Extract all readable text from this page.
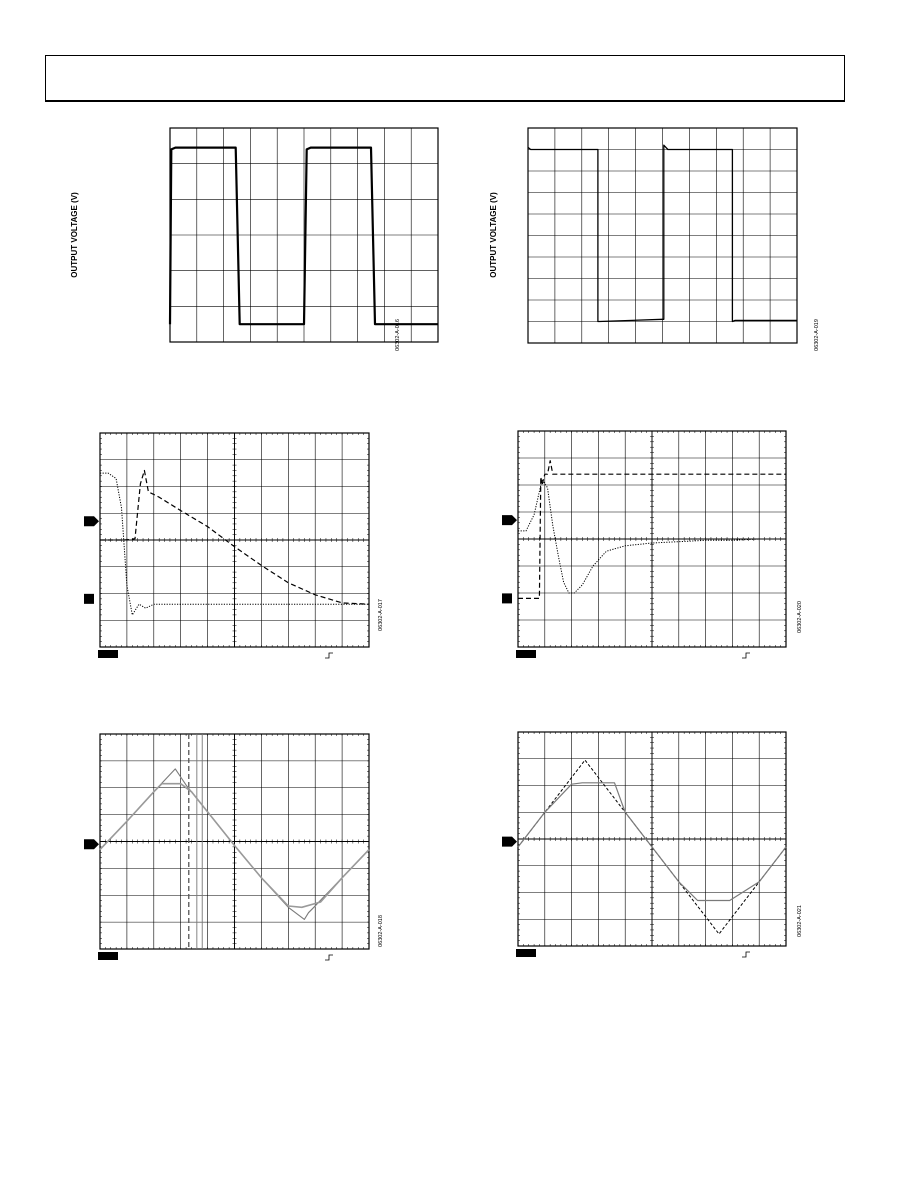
OUTPUT VOLTAGE (V)
06302-A-016
OUTPUT VOLTAGE (V)
06302-A-019
06302-A-017	06302-A-020
06302-A-018	06302-A-021
